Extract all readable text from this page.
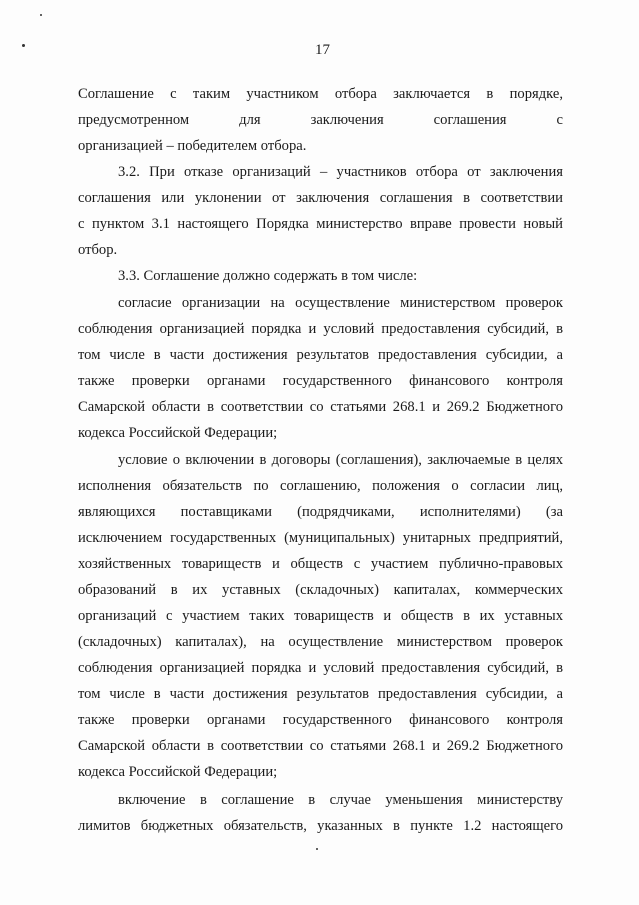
17
Соглашение с таким участником отбора заключается в порядке,
предусмотренном для заключения соглашения с
организацией – победителем отбора.
3.2. При отказе организаций – участников отбора от заключения
соглашения или уклонении от заключения соглашения в соответствии
с пунктом 3.1 настоящего Порядка министерство вправе провести новый
отбор.
3.3. Соглашение должно содержать в том числе:
согласие организации на осуществление министерством проверок
соблюдения организацией порядка и условий предоставления субсидий, в
том числе в части достижения результатов предоставления субсидии, а
также проверки органами государственного финансового контроля
Самарской области в соответствии со статьями 268.1 и 269.2 Бюджетного
кодекса Российской Федерации;
условие о включении в договоры (соглашения), заключаемые в целях
исполнения обязательств по соглашению, положения о согласии лиц,
являющихся поставщиками (подрядчиками, исполнителями) (за
исключением государственных (муниципальных) унитарных предприятий,
хозяйственных товариществ и обществ с участием публично-правовых
образований в их уставных (складочных) капиталах, коммерческих
организаций с участием таких товариществ и обществ в их уставных
(складочных) капиталах), на осуществление министерством проверок
соблюдения организацией порядка и условий предоставления субсидий, в
том числе в части достижения результатов предоставления субсидии, а
также проверки органами государственного финансового контроля
Самарской области в соответствии со статьями 268.1 и 269.2 Бюджетного
кодекса Российской Федерации;
включение в соглашение в случае уменьшения министерству
лимитов бюджетных обязательств, указанных в пункте 1.2 настоящего
